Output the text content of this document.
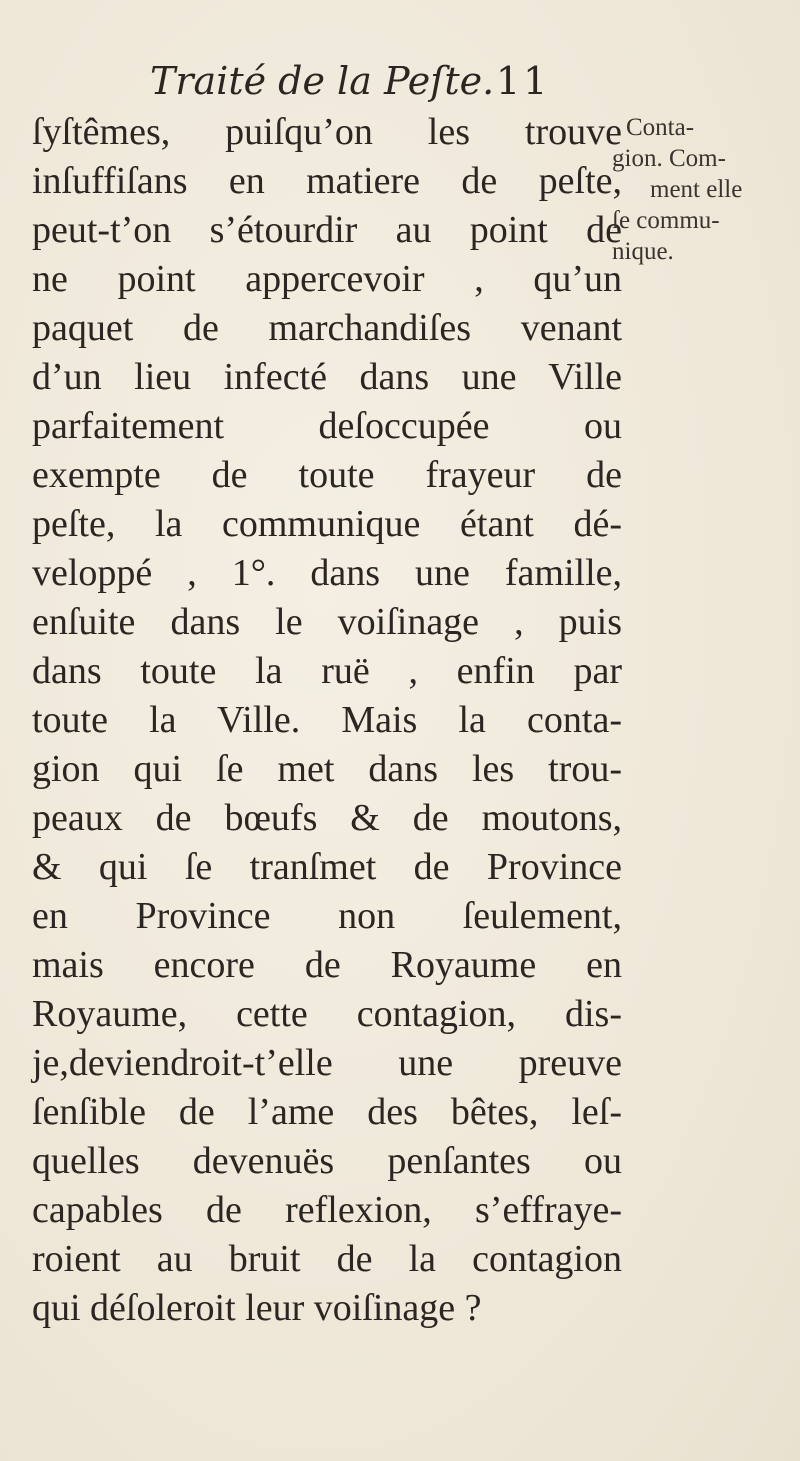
Traité de la Peſte. 11
ſyſtêmes, puiſqu’on les trouve
inſuffiſans en matiere de peſte,
peut-t’on s’étourdir au point de
ne point appercevoir , qu’un
paquet de marchandiſes venant
d’un lieu infecté dans une Ville
parfaitement deſoccupée ou
exempte de toute frayeur de
peſte, la communique étant dé-
veloppé , 1°. dans une famille,
enſuite dans le voiſinage , puis
dans toute la ruë , enfin par
toute la Ville. Mais la conta-
gion qui ſe met dans les trou-
peaux de bœufs & de moutons,
& qui ſe tranſmet de Province
en Province non ſeulement,
mais encore de Royaume en
Royaume, cette contagion, dis-
je,deviendroit-t’elle une preuve
ſenſible de l’ame des bêtes, leſ-
quelles devenuës penſantes ou
capables de reflexion, s’effraye-
roient au bruit de la contagion
qui déſoleroit leur voiſinage ?
Conta-
gion. Com-
ment elle
ſe commu-
nique.
